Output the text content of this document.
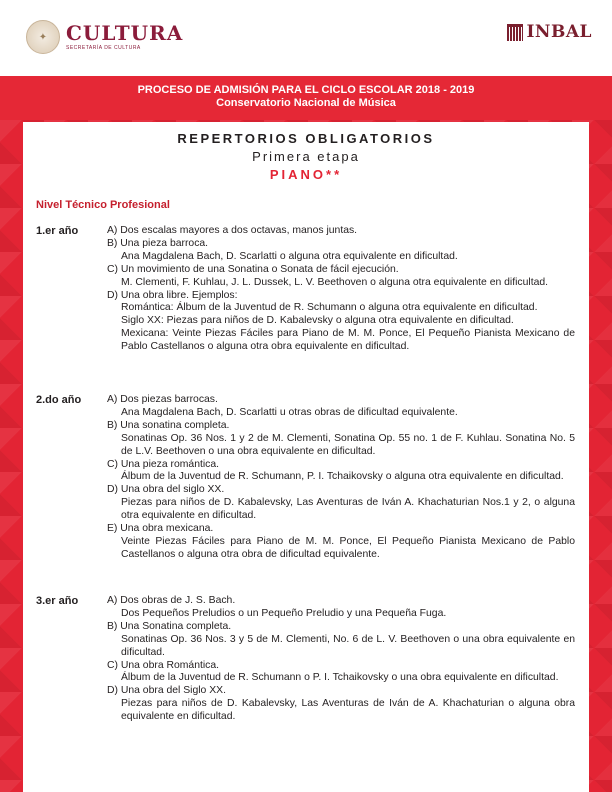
✦ CULTURA
SECRETARÍA DE CULTURA
INBAL
PROCESO DE ADMISIÓN PARA EL CICLO ESCOLAR 2018 - 2019
Conservatorio Nacional de Música
REPERTORIOS OBLIGATORIOS
Primera etapa
PIANO**
Nivel Técnico Profesional
1.er año	A) Dos escalas mayores a dos octavas, manos juntas.
B) Una pieza barroca.
Ana Magdalena Bach, D. Scarlatti o alguna otra equivalente en dificultad.
C) Un movimiento de una Sonatina o Sonata de fácil ejecución.
M. Clementi, F. Kuhlau, J. L. Dussek, L. V. Beethoven o alguna otra equivalente en dificultad.
D) Una obra libre. Ejemplos:
Romántica: Álbum de la Juventud de R. Schumann o alguna otra equivalente en dificultad.
Siglo XX: Piezas para niños de D. Kabalevsky o alguna otra equivalente en dificultad.
Mexicana: Veinte Piezas Fáciles para Piano de M. M. Ponce, El Pequeño Pianista Mexicano de Pablo Castellanos o alguna otra obra equivalente en dificultad.
2.do año A) Dos piezas barrocas.
Ana Magdalena Bach, D. Scarlatti u otras obras de dificultad equivalente.
B) Una sonatina completa.
Sonatinas Op. 36 Nos. 1 y 2 de M. Clementi, Sonatina Op. 55 no. 1 de F. Kuhlau. Sonatina No. 5 de L.V. Beethoven o una obra equivalente en dificultad.
C) Una pieza romántica.
Álbum de la Juventud de R. Schumann, P. I. Tchaikovsky o alguna otra equivalente en dificultad.
D) Una obra del siglo XX.
Piezas para niños de D. Kabalevsky, Las Aventuras de Iván A. Khachaturian Nos.1 y 2, o alguna otra equivalente en dificultad.
E) Una obra mexicana.
Veinte Piezas Fáciles para Piano de M. M. Ponce, El Pequeño Pianista Mexicano de Pablo Castellanos o alguna otra obra de dificultad equivalente.
3.er año	A) Dos obras de J. S. Bach.
Dos Pequeños Preludios o un Pequeño Preludio y una Pequeña Fuga.
B) Una Sonatina completa.
Sonatinas Op. 36 Nos. 3 y 5 de M. Clementi, No. 6 de L. V. Beethoven o una obra equivalente en dificultad.
C) Una obra Romántica.
Álbum de la Juventud de R. Schumann o P. I. Tchaikovsky o una obra equivalente en dificultad.
D) Una obra del Siglo XX.
Piezas para niños de D. Kabalevsky, Las Aventuras de Iván de A. Khachaturian o alguna obra equivalente en dificultad.
